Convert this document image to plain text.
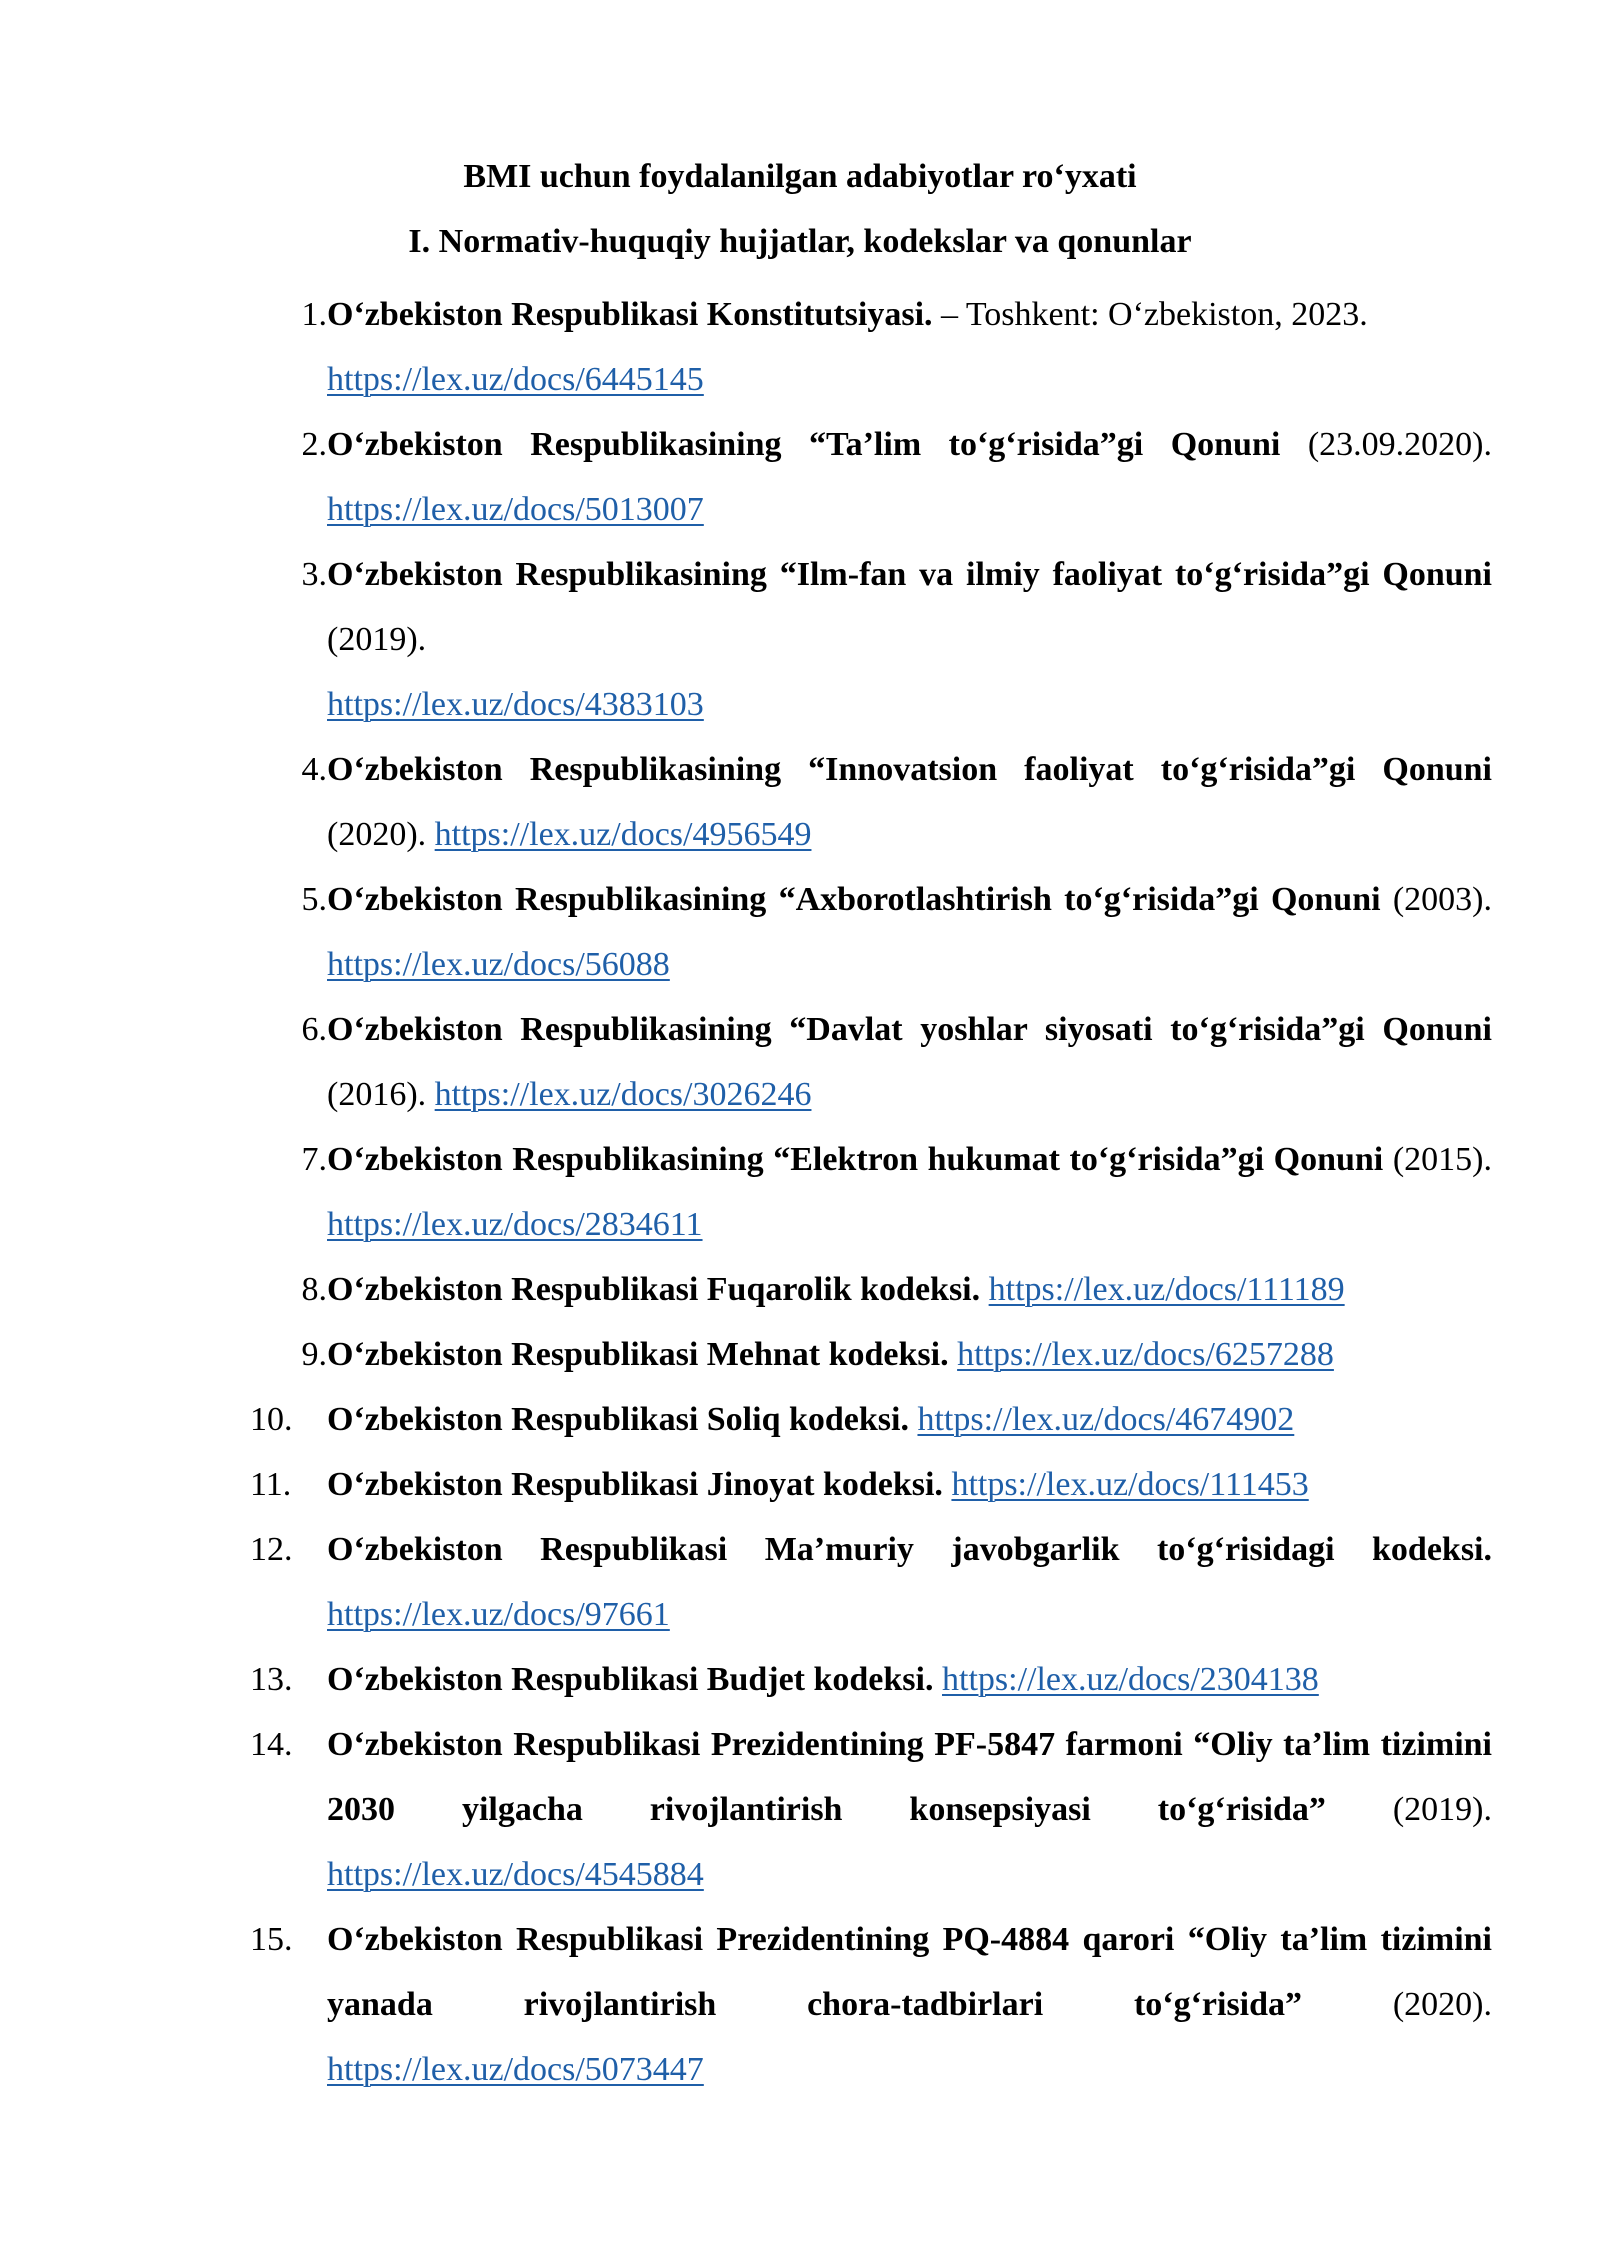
BMI uchun foydalanilgan adabiyotlar roʻyxati
I. Normativ-huquqiy hujjatlar, kodekslar va qonunlar
1. Oʻzbekiston Respublikasi Konstitutsiyasi. – Toshkent: Oʻzbekiston, 2023.
https://lex.uz/docs/6445145
2. Oʻzbekiston Respublikasining “Ta’lim toʻgʻrisida”gi Qonuni (23.09.2020). https://lex.uz/docs/5013007
3. Oʻzbekiston Respublikasining “Ilm-fan va ilmiy faoliyat toʻgʻrisida”gi Qonuni (2019).
https://lex.uz/docs/4383103
4. Oʻzbekiston Respublikasining “Innovatsion faoliyat toʻgʻrisida”gi Qonuni (2020). https://lex.uz/docs/4956549
5. Oʻzbekiston Respublikasining “Axborotlashtirish toʻgʻrisida”gi Qonuni (2003). https://lex.uz/docs/56088
6. Oʻzbekiston Respublikasining “Davlat yoshlar siyosati toʻgʻrisida”gi Qonuni (2016). https://lex.uz/docs/3026246
7. Oʻzbekiston Respublikasining “Elektron hukumat toʻgʻrisida”gi Qonuni (2015). https://lex.uz/docs/2834611
8. Oʻzbekiston Respublikasi Fuqarolik kodeksi. https://lex.uz/docs/111189
9. Oʻzbekiston Respublikasi Mehnat kodeksi. https://lex.uz/docs/6257288
10.	Oʻzbekiston Respublikasi Soliq kodeksi. https://lex.uz/docs/4674902
11.	Oʻzbekiston Respublikasi Jinoyat kodeksi. https://lex.uz/docs/111453
12.	Oʻzbekiston Respublikasi Ma’muriy javobgarlik toʻgʻrisidagi kodeksi. https://lex.uz/docs/97661
13.	Oʻzbekiston Respublikasi Budjet kodeksi. https://lex.uz/docs/2304138
14.	Oʻzbekiston Respublikasi Prezidentining PF-5847 farmoni “Oliy ta’lim tizimini 2030 yilgacha rivojlantirish konsepsiyasi toʻgʻrisida” (2019). https://lex.uz/docs/4545884
15.	Oʻzbekiston Respublikasi Prezidentining PQ-4884 qarori “Oliy ta’lim tizimini yanada rivojlantirish chora-tadbirlari toʻgʻrisida” (2020). https://lex.uz/docs/5073447
